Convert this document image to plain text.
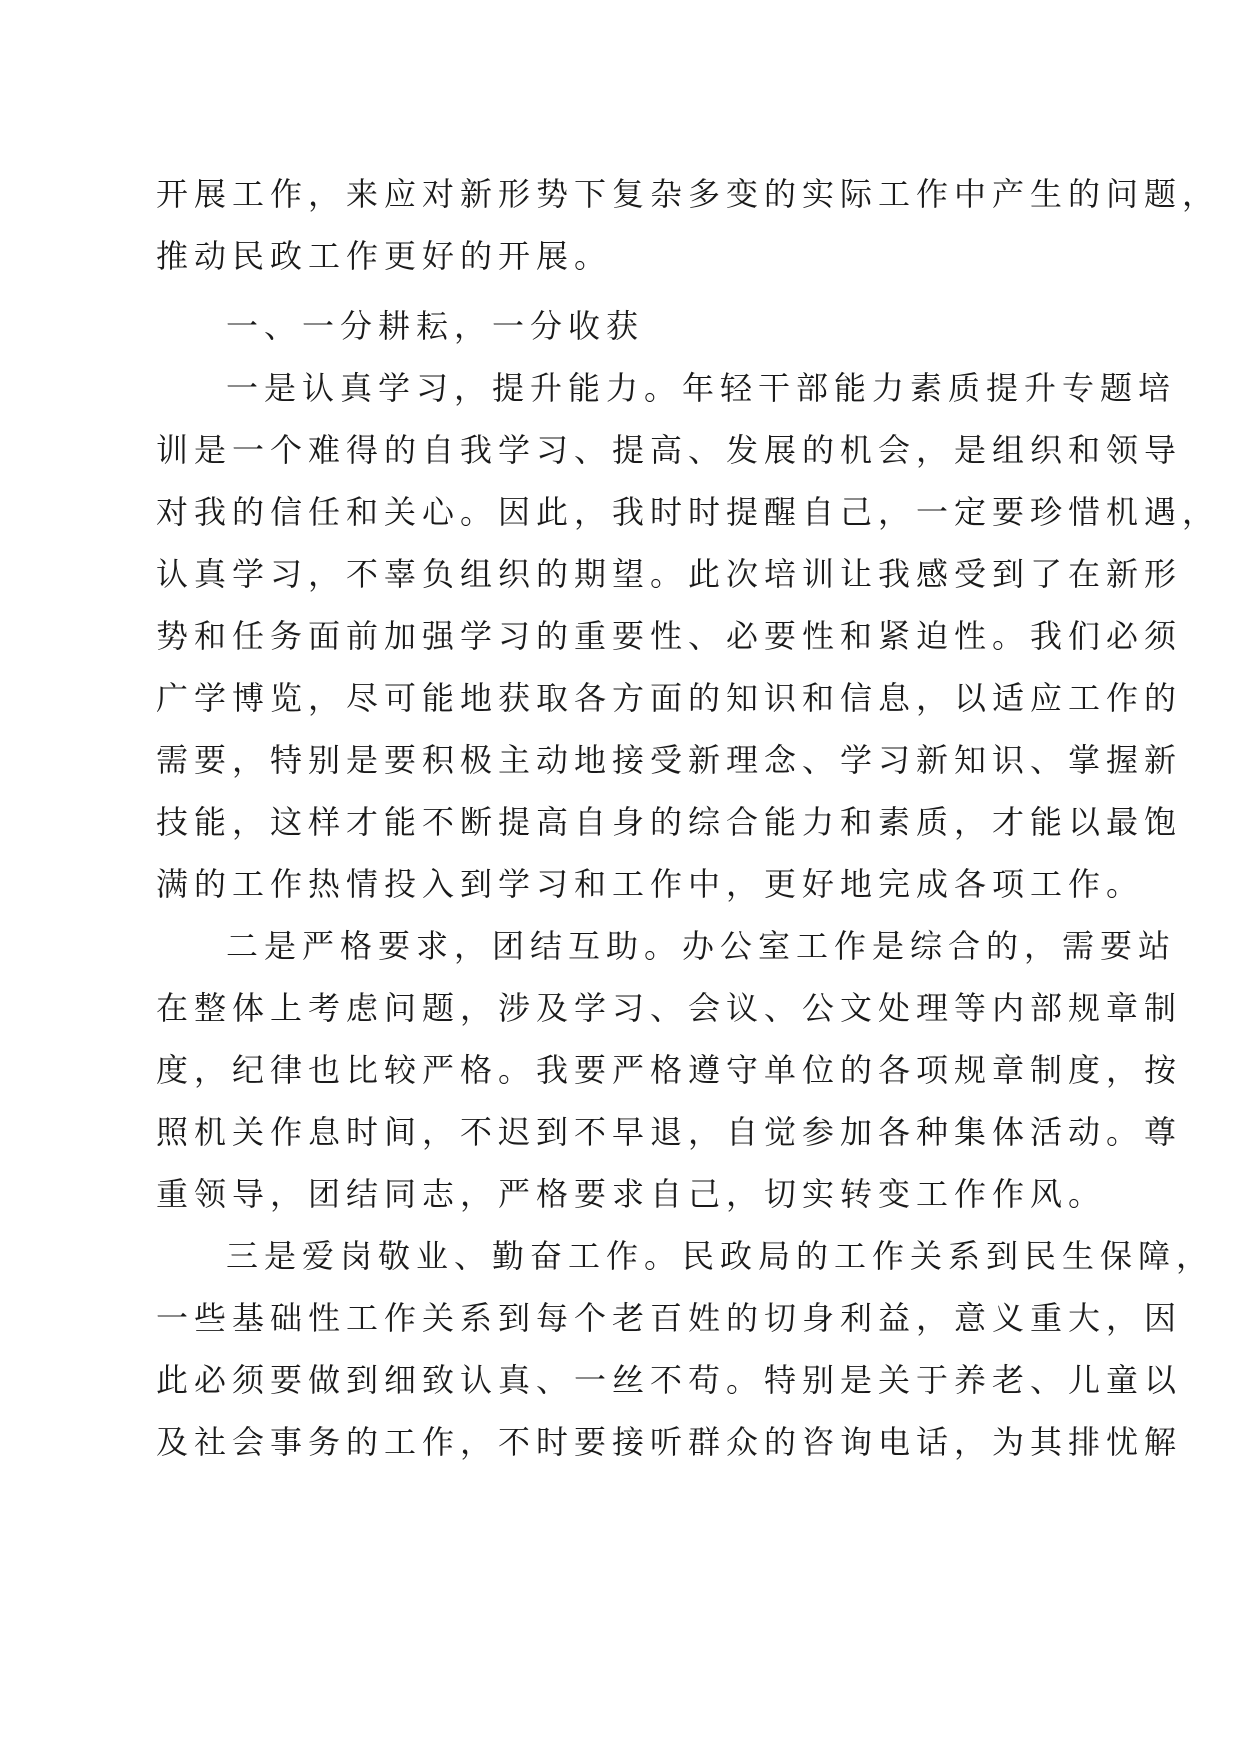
开展工作，来应对新形势下复杂多变的实际工作中产生的问题，
推动民政工作更好的开展。
一、一分耕耘，一分收获
一是认真学习，提升能力。年轻干部能力素质提升专题培
训是一个难得的自我学习、提高、发展的机会，是组织和领导
对我的信任和关心。因此，我时时提醒自己，一定要珍惜机遇，
认真学习，不辜负组织的期望。此次培训让我感受到了在新形
势和任务面前加强学习的重要性、必要性和紧迫性。我们必须
广学博览，尽可能地获取各方面的知识和信息，以适应工作的
需要，特别是要积极主动地接受新理念、学习新知识、掌握新
技能，这样才能不断提高自身的综合能力和素质，才能以最饱
满的工作热情投入到学习和工作中，更好地完成各项工作。
二是严格要求，团结互助。办公室工作是综合的，需要站
在整体上考虑问题，涉及学习、会议、公文处理等内部规章制
度，纪律也比较严格。我要严格遵守单位的各项规章制度，按
照机关作息时间，不迟到不早退，自觉参加各种集体活动。尊
重领导，团结同志，严格要求自己，切实转变工作作风。
三是爱岗敬业、勤奋工作。民政局的工作关系到民生保障，
一些基础性工作关系到每个老百姓的切身利益，意义重大，因
此必须要做到细致认真、一丝不苟。特别是关于养老、儿童以
及社会事务的工作，不时要接听群众的咨询电话，为其排忧解
